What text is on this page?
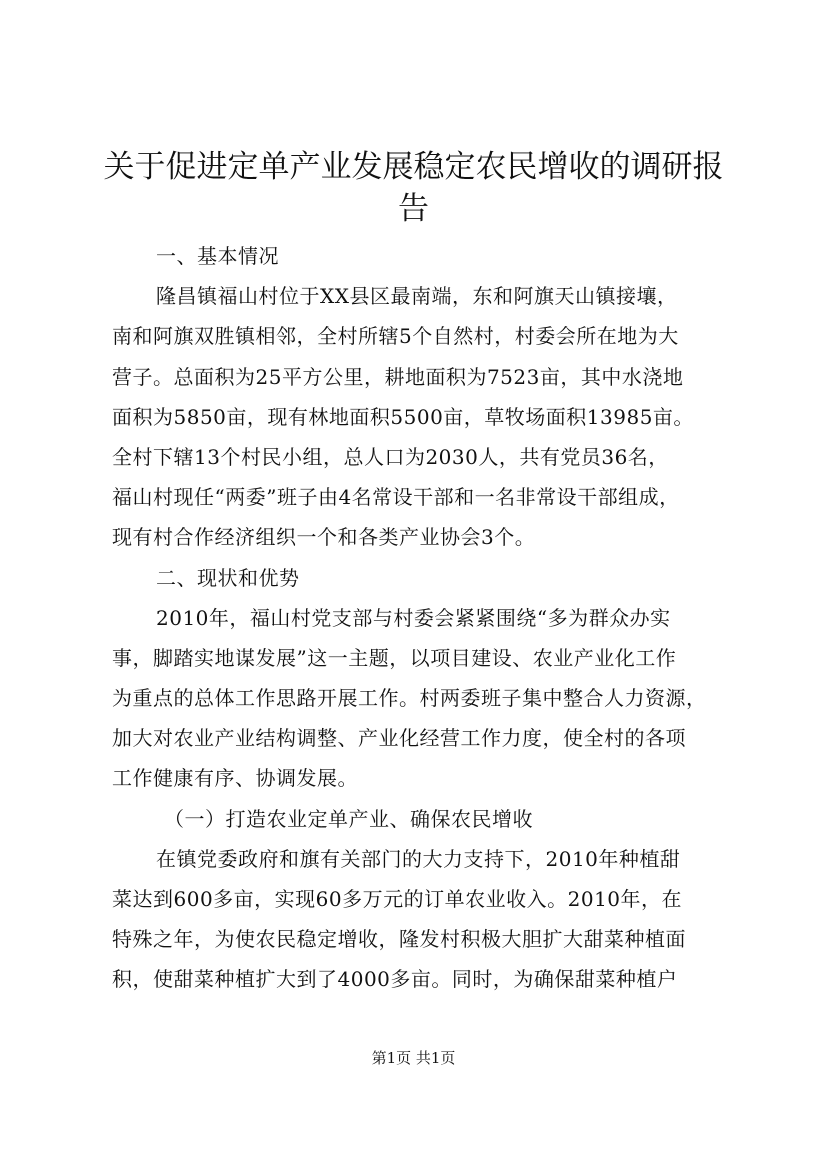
关于促进定单产业发展稳定农民增收的调研报告
一、基本情况
隆昌镇福山村位于XX县区最南端，东和阿旗天山镇接壤，
南和阿旗双胜镇相邻，全村所辖5个自然村，村委会所在地为大
营子。总面积为25平方公里，耕地面积为7523亩，其中水浇地
面积为5850亩，现有林地面积5500亩，草牧场面积13985亩。
全村下辖13个村民小组，总人口为2030人，共有党员36名，
福山村现任“两委”班子由4名常设干部和一名非常设干部组成，
现有村合作经济组织一个和各类产业协会3个。
二、现状和优势
2010年，福山村党支部与村委会紧紧围绕“多为群众办实
事，脚踏实地谋发展”这一主题，以项目建设、农业产业化工作
为重点的总体工作思路开展工作。村两委班子集中整合人力资源，
加大对农业产业结构调整、产业化经营工作力度，使全村的各项
工作健康有序、协调发展。
（一）打造农业定单产业、确保农民增收
在镇党委政府和旗有关部门的大力支持下，2010年种植甜
菜达到600多亩，实现60多万元的订单农业收入。2010年，在
特殊之年，为使农民稳定增收，隆发村积极大胆扩大甜菜种植面
积，使甜菜种植扩大到了4000多亩。同时，为确保甜菜种植户
第1页 共1页
